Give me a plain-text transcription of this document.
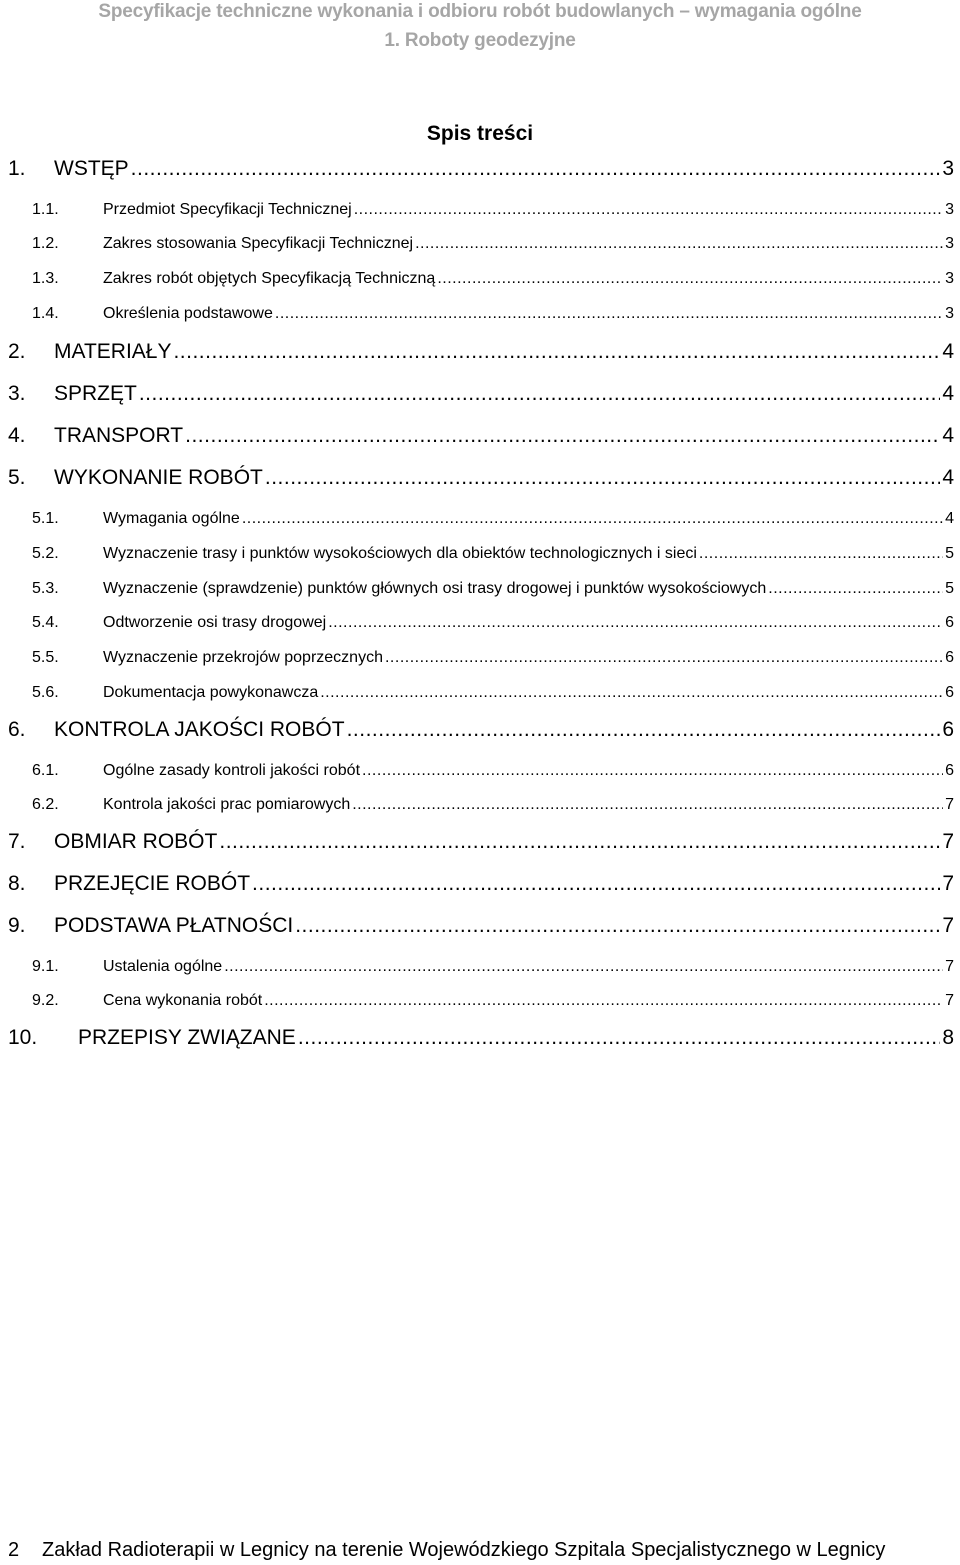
Specyfikacje techniczne wykonania i odbioru robót budowlanych – wymagania ogólne
1. Roboty geodezyjne
Spis treści
1.	WSTĘP .....	3
1.1.	Przedmiot Specyfikacji Technicznej .....	3
1.2.	Zakres stosowania Specyfikacji Technicznej .....	3
1.3.	Zakres robót objętych Specyfikacją Techniczną .....	3
1.4.	Określenia podstawowe .....	3
2.	MATERIAŁY .....	4
3.	SPRZĘT .....	4
4.	TRANSPORT .....	4
5.	WYKONANIE ROBÓT .....	4
5.1.	Wymagania ogólne .....	4
5.2.	Wyznaczenie trasy i punktów wysokościowych dla obiektów technologicznych i sieci .....	5
5.3.	Wyznaczenie (sprawdzenie) punktów głównych osi trasy drogowej i punktów wysokościowych .....	5
5.4.	Odtworzenie osi trasy drogowej .....	6
5.5.	Wyznaczenie przekrojów poprzecznych .....	6
5.6.	Dokumentacja powykonawcza .....	6
6.	KONTROLA JAKOŚCI ROBÓT .....	6
6.1.	Ogólne zasady kontroli jakości robót .....	6
6.2.	Kontrola jakości prac pomiarowych .....	7
7.	OBMIAR ROBÓT .....	7
8.	PRZEJĘCIE ROBÓT .....	7
9.	PODSTAWA PŁATNOŚCI .....	7
9.1.	Ustalenia ogólne .....	7
9.2.	Cena wykonania robót .....	7
10.	PRZEPISY ZWIĄZANE .....	8
2 Zakład Radioterapii w Legnicy na terenie Wojewódzkiego Szpitala Specjalistycznego w Legnicy
